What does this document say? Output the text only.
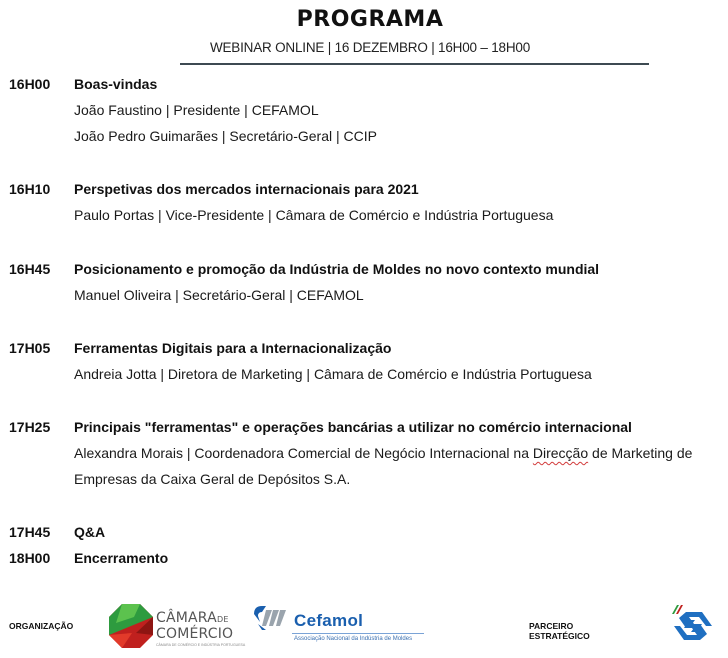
PROGRAMA
WEBINAR ONLINE | 16 DEZEMBRO | 16H00 – 18H00
16H00 Boas-vindas
João Faustino | Presidente | CEFAMOL
João Pedro Guimarães | Secretário-Geral | CCIP
16H10 Perspetivas dos mercados internacionais para 2021
Paulo Portas | Vice-Presidente | Câmara de Comércio e Indústria Portuguesa
16H45 Posicionamento e promoção da Indústria de Moldes no novo contexto mundial
Manuel Oliveira | Secretário-Geral | CEFAMOL
17H05 Ferramentas Digitais para a Internacionalização
Andreia Jotta | Diretora de Marketing | Câmara de Comércio e Indústria Portuguesa
17H25 Principais "ferramentas" e operações bancárias a utilizar no comércio internacional
Alexandra Morais | Coordenadora Comercial de Negócio Internacional na Direcção de Marketing de
Empresas da Caixa Geral de Depósitos S.A.
17H45 Q&A
18H00 Encerramento
ORGANIZAÇÃO	CÂMARADE
COMÉRCIO
CÂMARA DE COMÉRCIO E INDÚSTRIA PORTUGUESA
Cefamol
Associação Nacional da Indústria de Moldes
PARCEIRO
ESTRATÉGICO
